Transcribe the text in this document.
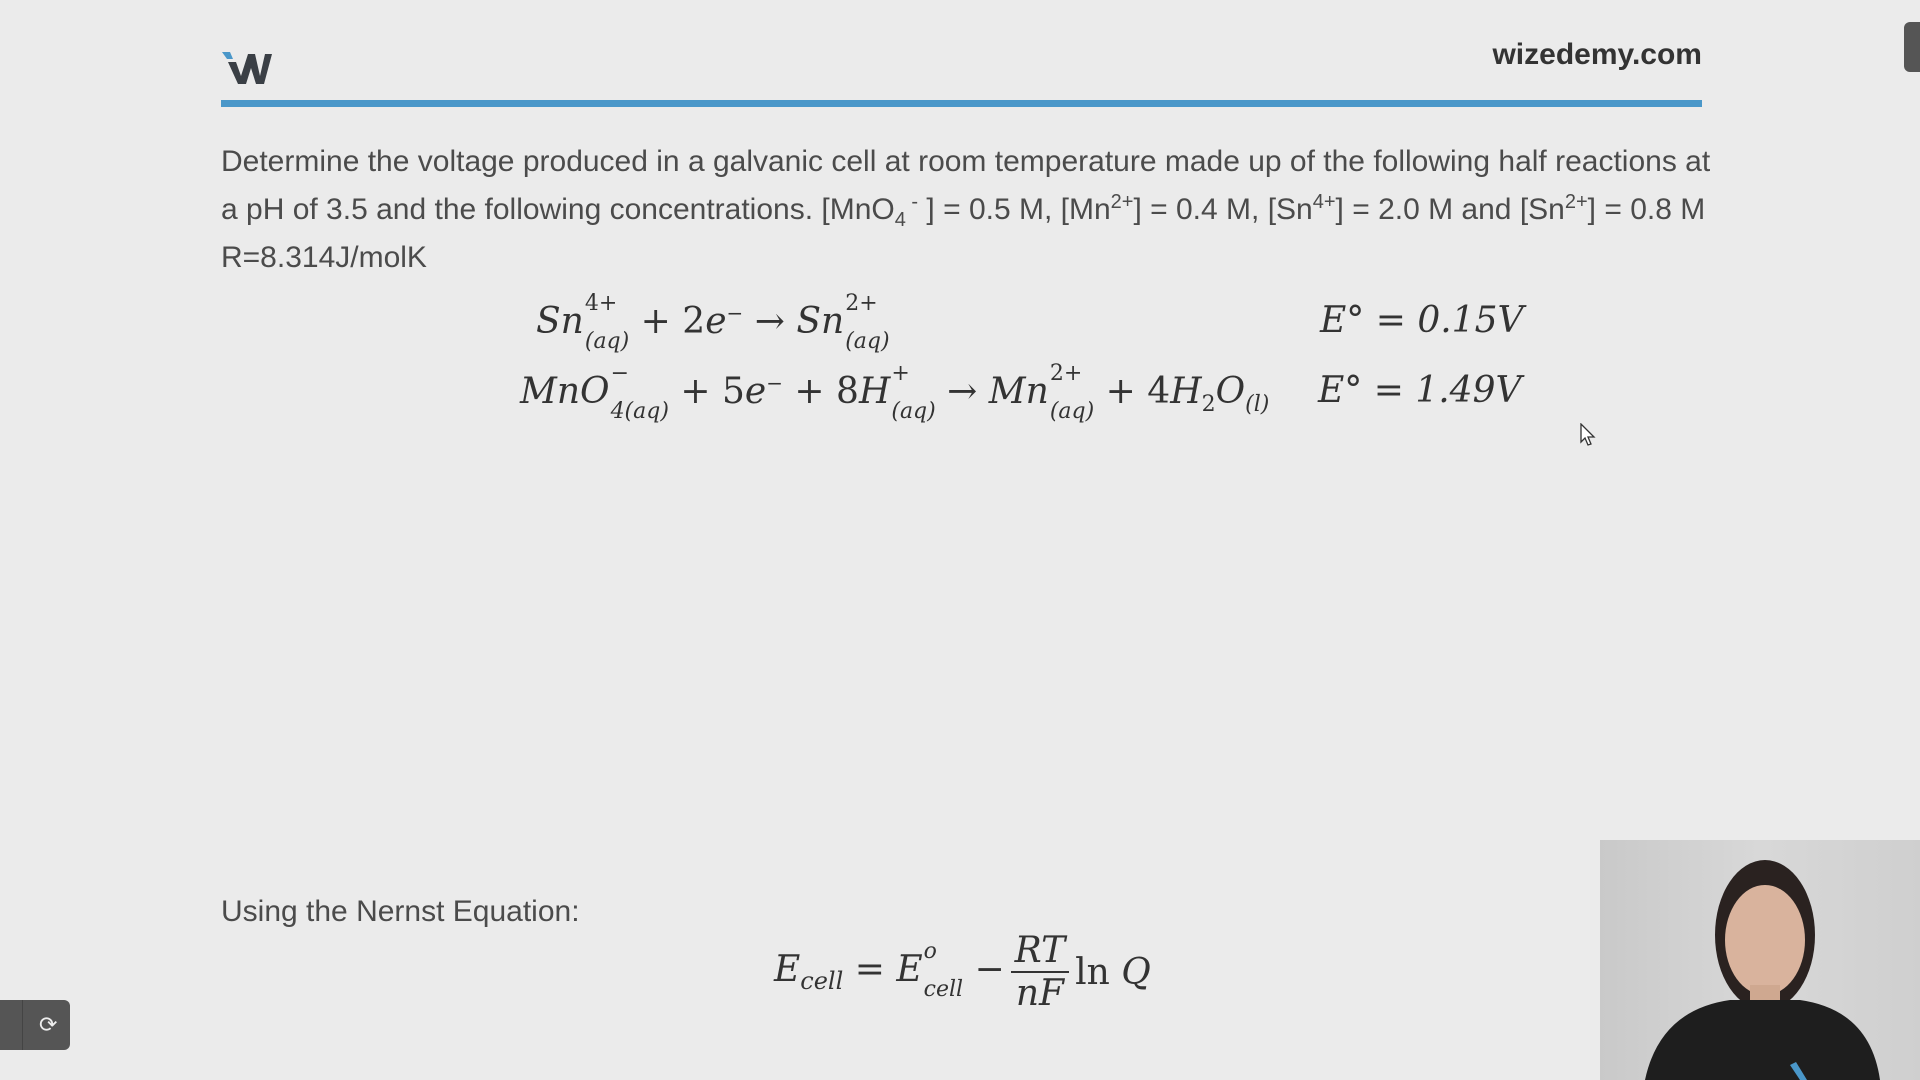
wizedemy.com
Determine the voltage produced in a galvanic cell at room temperature made up of the following half reactions at a pH of 3.5 and the following concentrations. [MnO$_4$ - ] = 0.5 M, $[Mn^{2+}] = 0.4$ M, $[Sn^{4+}] = 2.0$ M and $[Sn^{2+}] = 0.8$ M R=8.314J/molK
Sn 4+
(aq) + 2e− → Sn 2+
(aq)
E° = 0.15V
MnO −
4(aq) + 5e− + 8H +
(aq) → Mn 2+
$(aq) + 4H_2O_{(l)}$ E° = 1.49V
Using the Nernst Equation:
$E_{cell} = E$ o
cell − $\frac{RT}{nF}$ ln Q
⟳
